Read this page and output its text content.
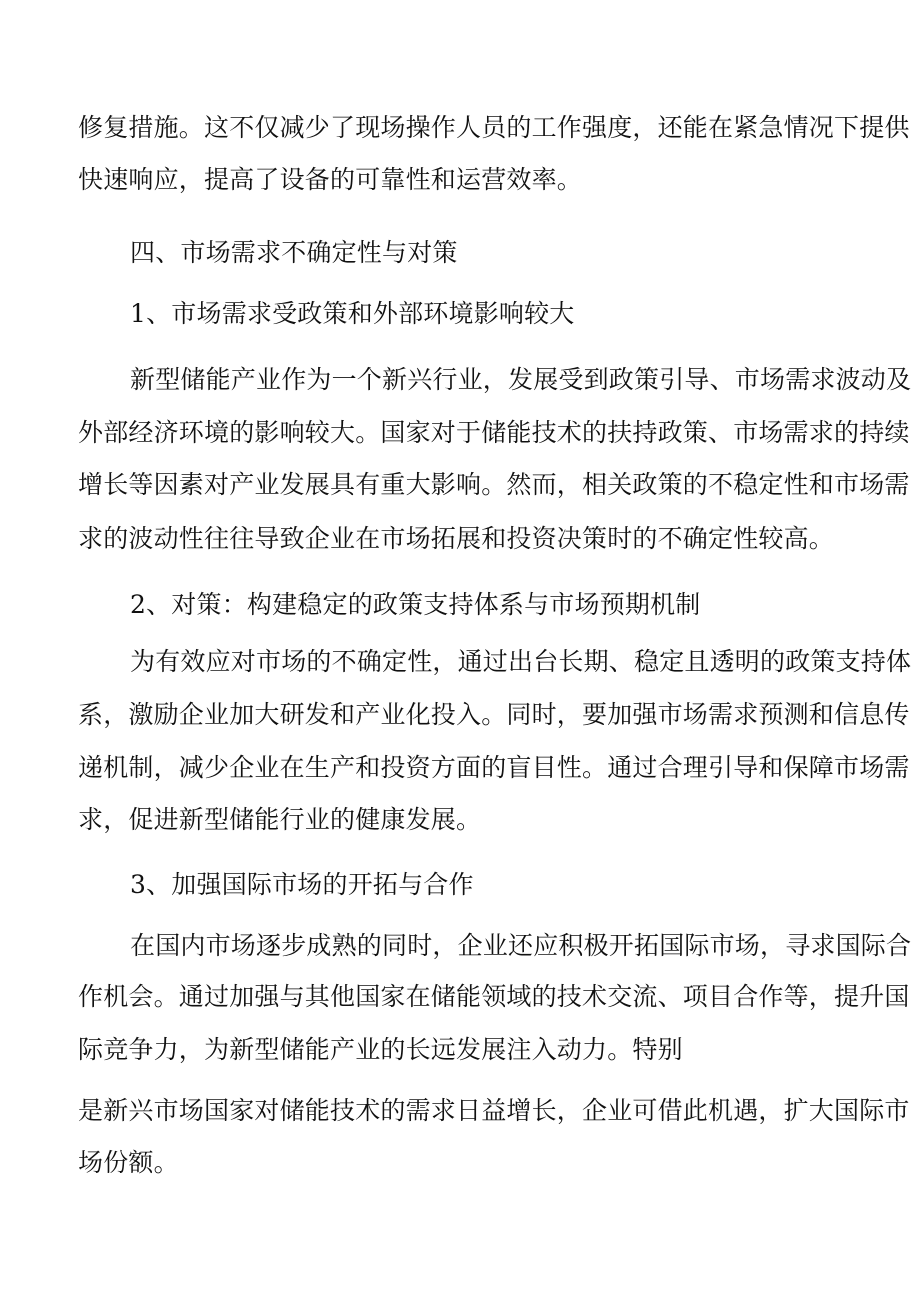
修复措施。这不仅减少了现场操作人员的工作强度，还能在紧急情况下提供
快速响应，提高了设备的可靠性和运营效率。
四、市场需求不确定性与对策
1、市场需求受政策和外部环境影响较大
新型储能产业作为一个新兴行业，发展受到政策引导、市场需求波动及
外部经济环境的影响较大。国家对于储能技术的扶持政策、市场需求的持续
增长等因素对产业发展具有重大影响。然而，相关政策的不稳定性和市场需
求的波动性往往导致企业在市场拓展和投资决策时的不确定性较高。
2、对策：构建稳定的政策支持体系与市场预期机制
为有效应对市场的不确定性，通过出台长期、稳定且透明的政策支持体
系，激励企业加大研发和产业化投入。同时，要加强市场需求预测和信息传
递机制，减少企业在生产和投资方面的盲目性。通过合理引导和保障市场需
求，促进新型储能行业的健康发展。
3、加强国际市场的开拓与合作
在国内市场逐步成熟的同时，企业还应积极开拓国际市场，寻求国际合
作机会。通过加强与其他国家在储能领域的技术交流、项目合作等，提升国
际竞争力，为新型储能产业的长远发展注入动力。特别
是新兴市场国家对储能技术的需求日益增长，企业可借此机遇，扩大国际市
场份额。
